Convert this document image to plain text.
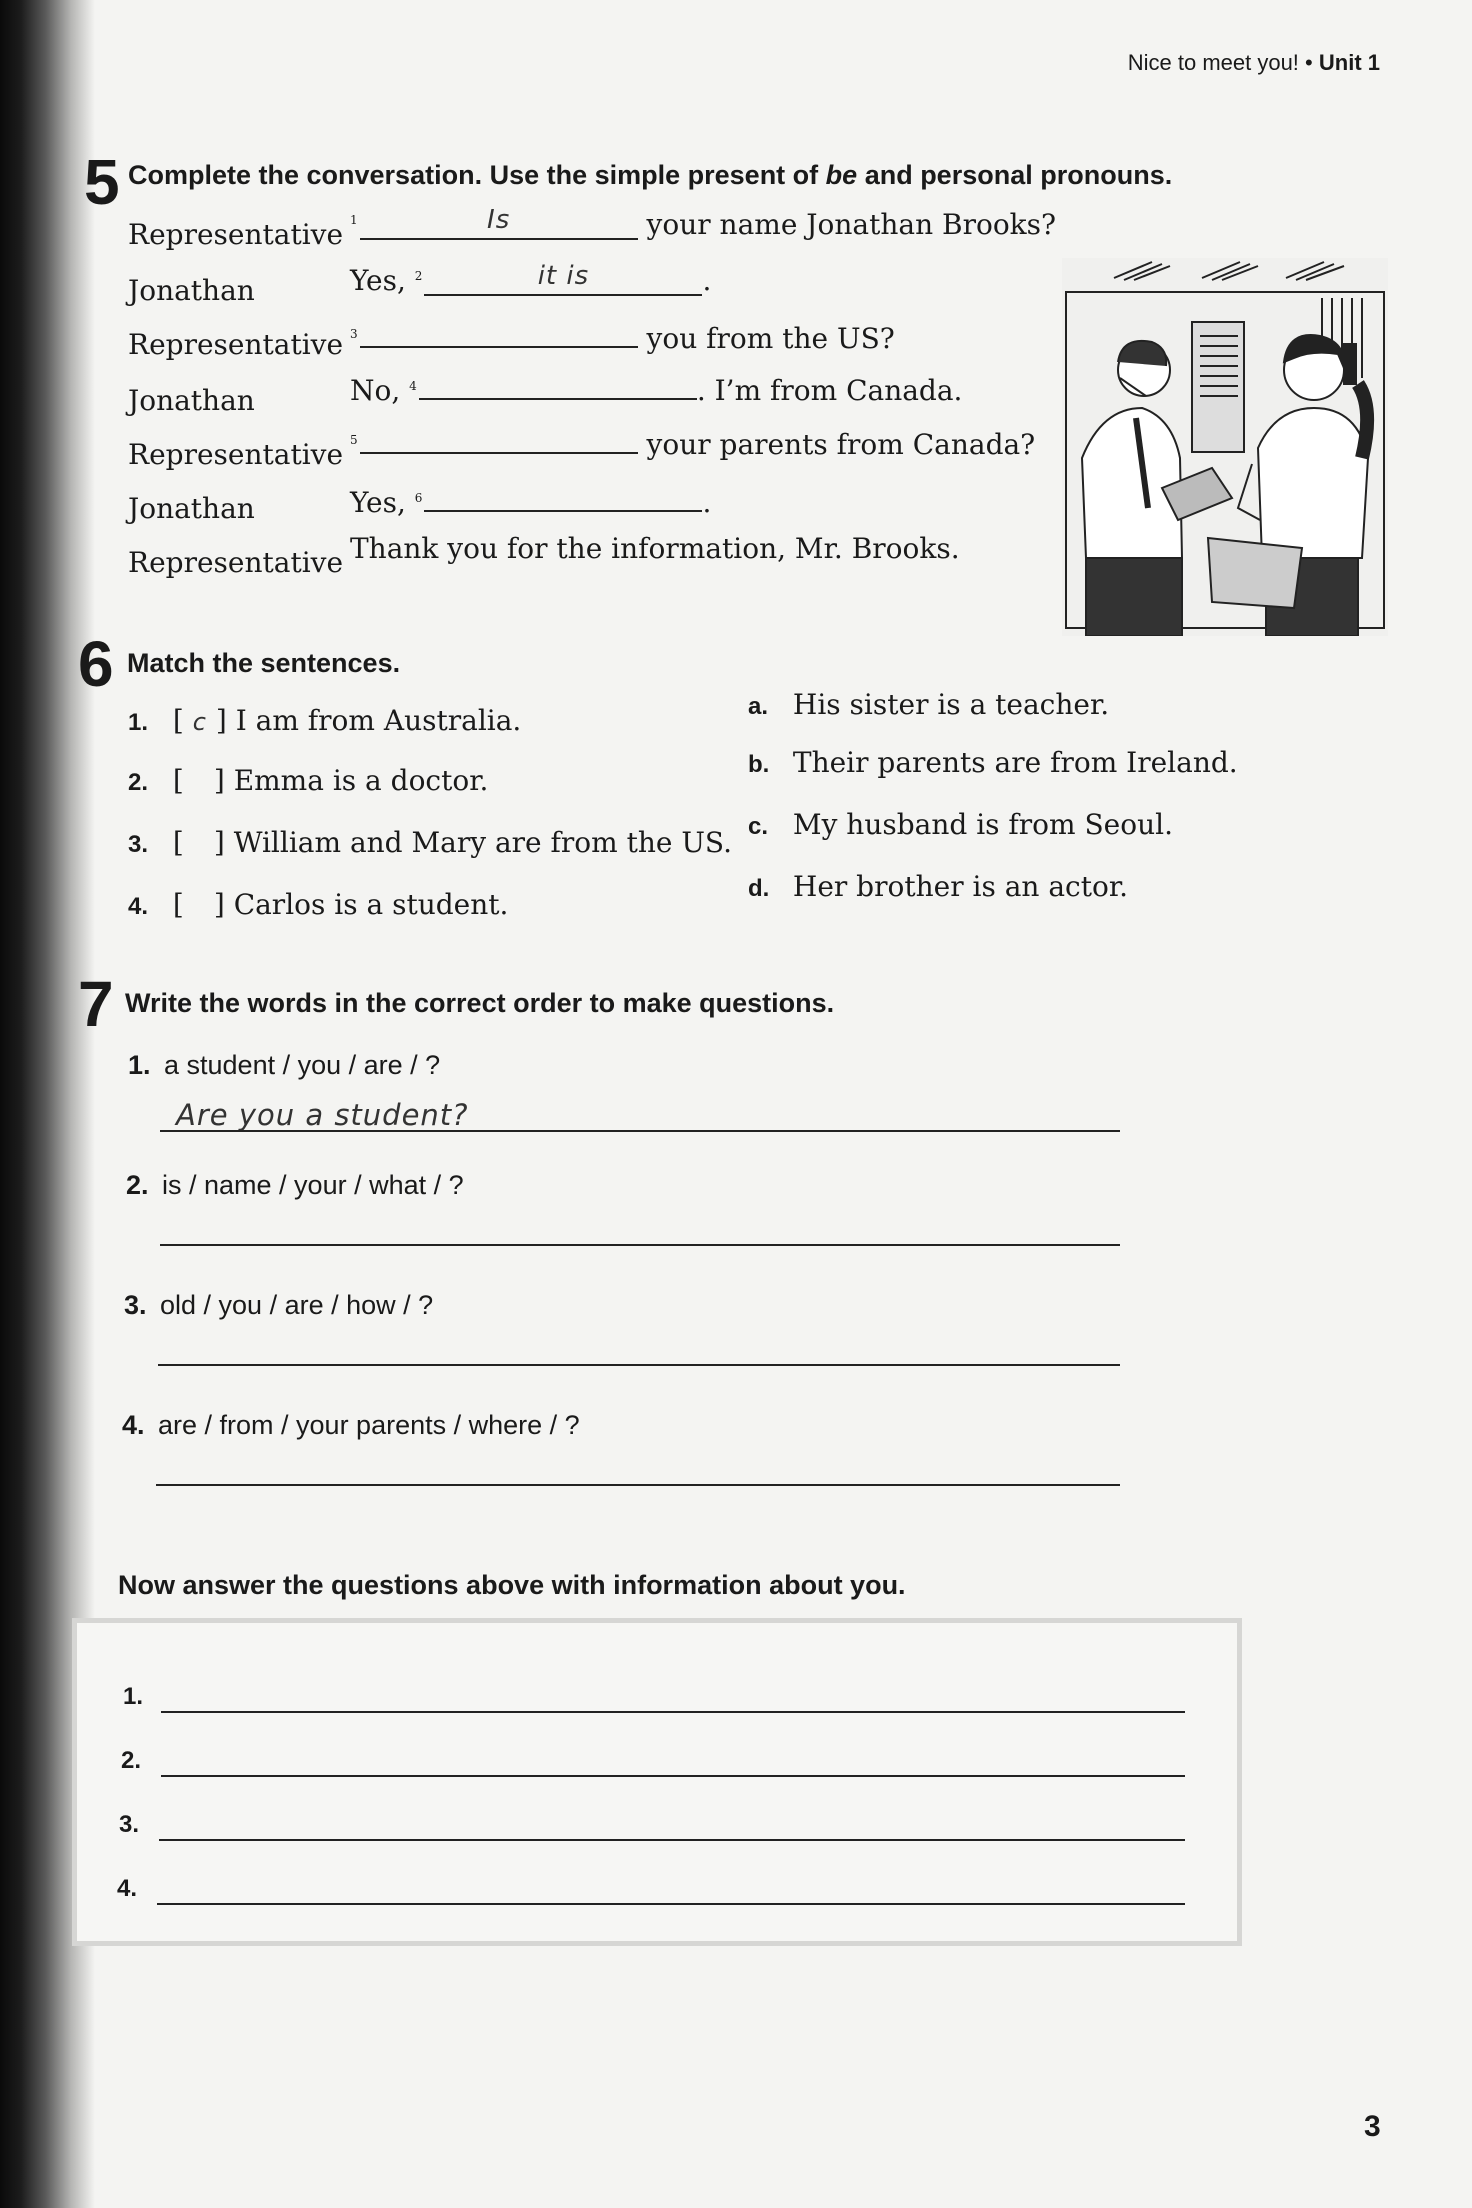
Nice to meet you! • Unit 1
5 Complete the conversation. Use the simple present of be and personal pronouns.
Representative $^1$	Is	your name Jonathan Brooks?
Jonathan	Yes, $^2$	it is	.
Representative $^3$	you from the US?
Jonathan	No, $^4$	. I’m from Canada.
Representative $^5$	your parents from Canada?
Jonathan	Yes, $^6$	.
Representative Thank you for the information, Mr. Brooks.
6 Match the sentences.
1. [ c ] I am from Australia.
2. [ ] Emma is a doctor.
3. [ ] William and Mary are from the US.
4. [ ] Carlos is a student.
a. His sister is a teacher.
b. Their parents are from Ireland.
c. My husband is from Seoul.
d. Her brother is an actor.
7 Write the words in the correct order to make questions.
1. a student / you / are / ?
Are you a student?
2. is / name / your / what / ?
3. old / you / are / how / ?
4. are / from / your parents / where / ?
Now answer the questions above with information about you.
1.
2.
3.
4.
3
